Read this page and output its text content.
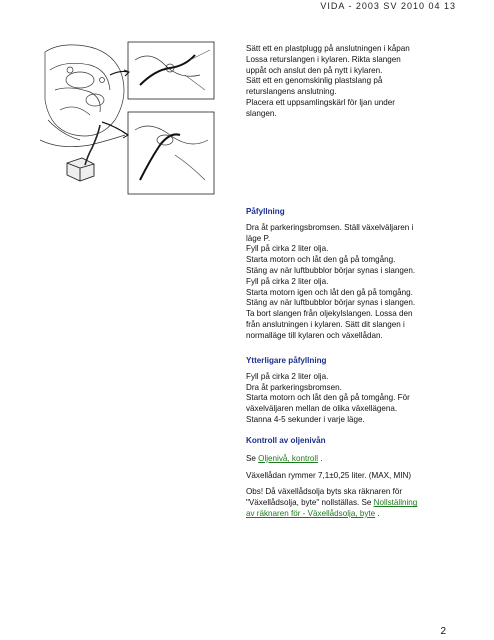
VIDA - 2003 SV 2010 04 13

Sätt ett en plastplugg på anslutningen i kåpan

Lossa returslangen i kylaren. Rikta slangen

uppåt och anslut den på nytt i kylaren.

Sätt ett en genomskinlig plastslang på

returslangens anslutning.

Placera ett uppsamlingskärl för ljan under

slangen.

Påfyllning

Dra åt parkeringsbromsen. Ställ växelväljaren i

läge P.

Fyll på cirka 2 liter olja.

Starta motorn och låt den gå på tomgång.

Stäng av när luftbubblor börjar synas i slangen.

Fyll på cirka 2 liter olja.

Starta motorn igen och låt den gå på tomgång.

Stäng av när luftbubblor börjar synas i slangen.

Ta bort slangen från oljekylslangen. Lossa den

från anslutningen i kylaren. Sätt dit slangen i

normalläge till kylaren och växellådan.

Ytterligare påfyllning

Fyll på cirka 2 liter olja.

Dra åt parkeringsbromsen.

Starta motorn och låt den gå på tomgång. För

växelväljaren mellan de olika växellägena.

Stanna 4-5 sekunder i varje läge.

Kontroll av oljenivån

Se Oljenivå, kontroll .

Växellådan rymmer 7,1±0,25 liter. (MAX, MIN)

Obs! Då växellådsolja byts ska räknaren för

"Växellådsolja, byte" nollställas. Se Nollställning

av räknaren för - Växellådsolja, byte .

2
